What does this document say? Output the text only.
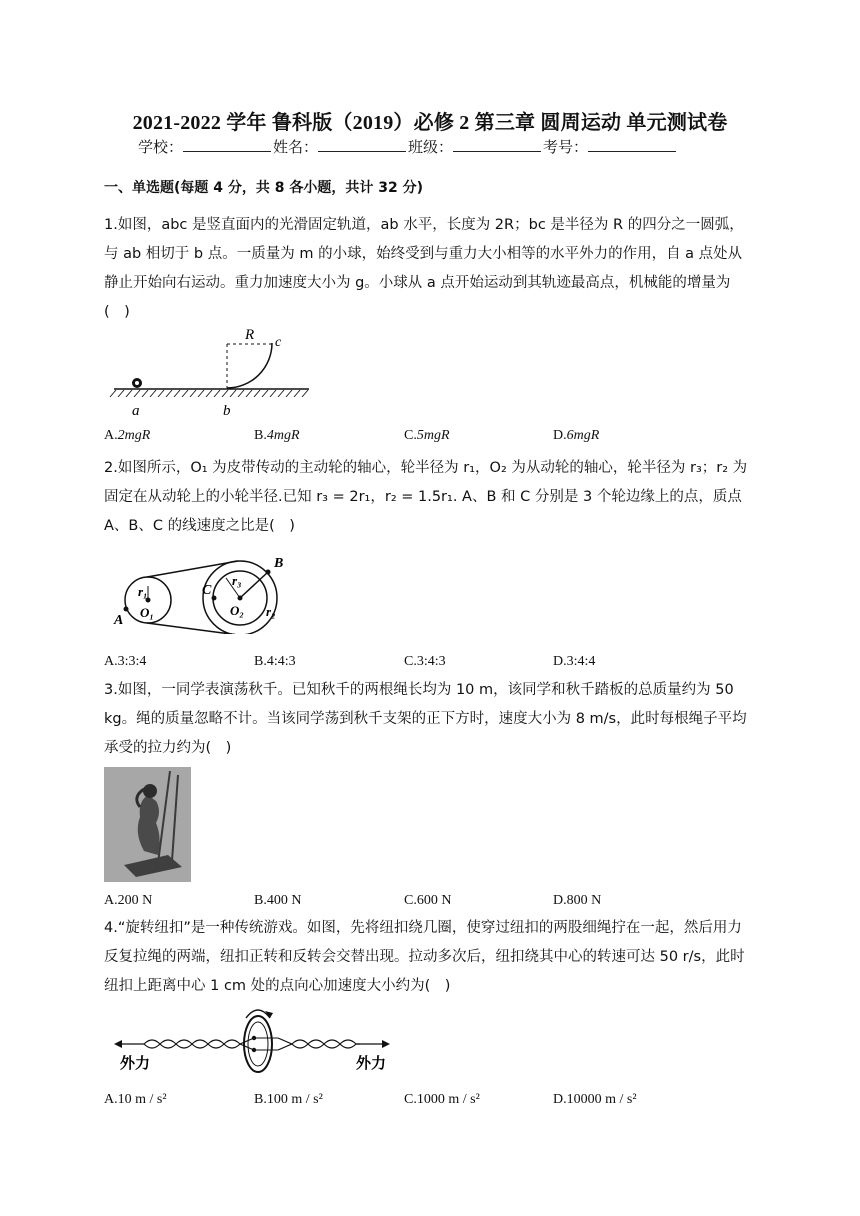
2021-2022 学年 鲁科版（2019）必修 2 第三章 圆周运动 单元测试卷
学校：	姓名：	班级：	考号：
一、单选题(每题 4 分，共 8 各小题，共计 32 分)
1.如图，abc 是竖直面内的光滑固定轨道，ab 水平，长度为 2R；bc 是半径为 R 的四分之一圆弧，与 ab 相切于 b 点。一质量为 m 的小球，始终受到与重力大小相等的水平外力的作用，自 a 点处从静止开始向右运动。重力加速度大小为 g。小球从 a 点开始运动到其轨迹最高点，机械能的增量为(　)
R c
a	b
A.2mgR	B.4mgR	C.5mgR	D.6mgR
2.如图所示，O₁ 为皮带传动的主动轮的轴心，轮半径为 r₁，O₂ 为从动轮的轴心，轮半径为 r₃；r₂ 为固定在从动轮上的小轮半径.已知 r₃ = 2r₁，r₂ = 1.5r₁. A、B 和 C 分别是 3 个轮边缘上的点，质点 A、B、C 的线速度之比是(　)
r₁
O₁
A
C
r₃
O₂
B
r₂
A.3:3:4	B.4:4:3	C.3:4:3	D.3:4:4
3.如图，一同学表演荡秋千。已知秋千的两根绳长均为 10 m，该同学和秋千踏板的总质量约为 50 kg。绳的质量忽略不计。当该同学荡到秋千支架的正下方时，速度大小为 8 m/s，此时每根绳子平均承受的拉力约为(　)
A.200 N	B.400 N	C.600 N	D.800 N
4.“旋转纽扣”是一种传统游戏。如图，先将纽扣绕几圈，使穿过纽扣的两股细绳拧在一起，然后用力反复拉绳的两端，纽扣正转和反转会交替出现。拉动多次后，纽扣绕其中心的转速可达 50 r/s，此时纽扣上距离中心 1 cm 处的点向心加速度大小约为(　)
外力	外力
A.10 m / s²	B.100 m / s²	C.1000 m / s²	D.10000 m / s²
